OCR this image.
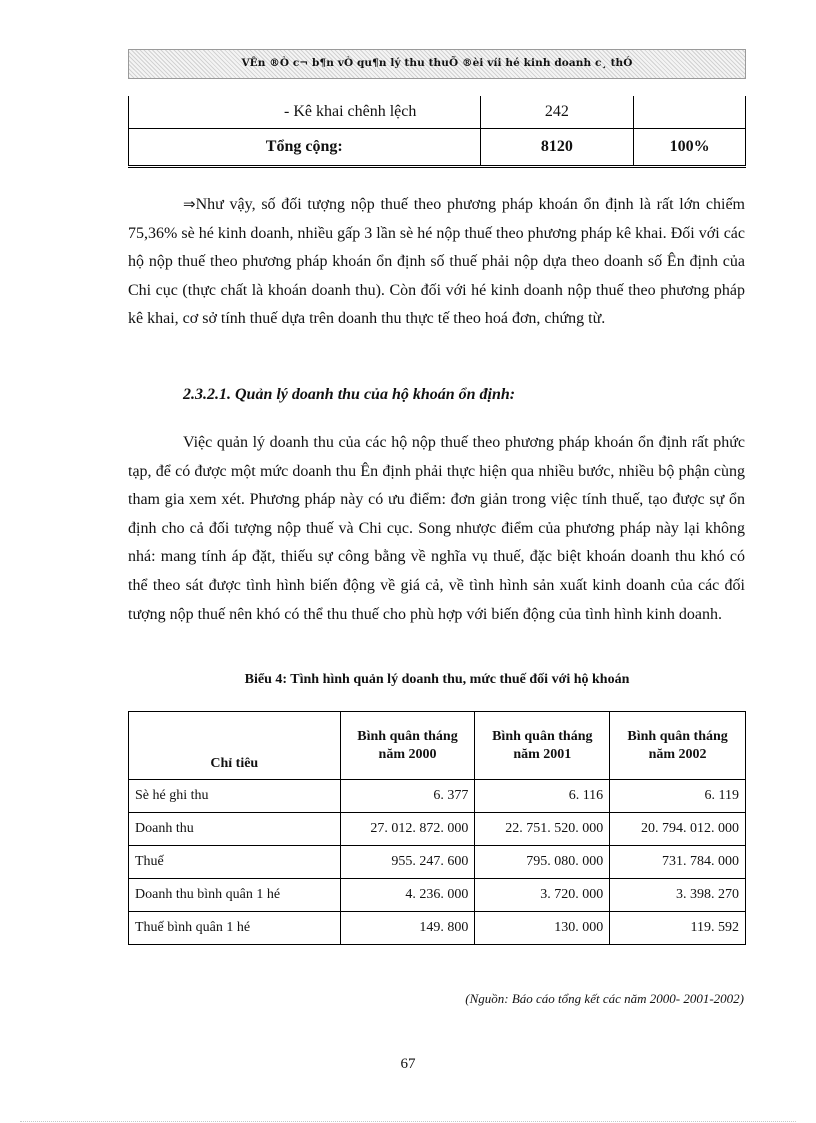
VÊn ®Ò c¬ b¶n vÒ qu¶n lý thu thuÕ ®èi víi hé kinh doanh c¸ thÓ
- Kê khai chênh lệch	242	
Tổng cộng:	8120	100%

⇒Như vậy, số đối tượng nộp thuế theo phương pháp khoán ổn định là rất lớn chiếm 75,36% sè hé kinh doanh, nhiều gấp 3 lần sè hé nộp thuế theo phương pháp kê khai. Đối với các hộ nộp thuế theo phương pháp khoán ổn định số thuế phải nộp dựa theo doanh số Ên định của Chi cục (thực chất là khoán doanh thu). Còn đối với hé kinh doanh nộp thuế theo phương pháp kê khai, cơ sở tính thuế dựa trên doanh thu thực tế theo hoá đơn, chứng từ.

2.3.2.1. Quản lý doanh thu của hộ khoán ổn định:

Việc quản lý doanh thu của các hộ nộp thuế theo phương pháp khoán ổn định rất phức tạp, để có được một mức doanh thu Ên định phải thực hiện qua nhiều bước, nhiều bộ phận cùng tham gia xem xét. Phương pháp này có ưu điểm: đơn giản trong việc tính thuế, tạo được sự ổn định cho cả đối tượng nộp thuế và Chi cục. Song nhược điểm của phương pháp này lại không nhá: mang tính áp đặt, thiếu sự công bằng về nghĩa vụ thuế, đặc biệt khoán doanh thu khó có thể theo sát được tình hình biến động về giá cả, về tình hình sản xuất kinh doanh của các đối tượng nộp thuế nên khó có thể thu thuế cho phù hợp với biến động của tình hình kinh doanh.

Biểu 4: Tình hình quản lý doanh thu, mức thuế đối với hộ khoán
Chỉ tiêu	Bình quân tháng năm 2000	Bình quân tháng năm 2001	Bình quân tháng năm 2002
Sè hé ghi thu	6. 377	6. 116	6. 119
Doanh thu	27. 012. 872. 000	22. 751. 520. 000	20. 794. 012. 000
Thuế	955. 247. 600	795. 080. 000	731. 784. 000
Doanh thu bình quân 1 hé	4. 236. 000	3. 720. 000	3. 398. 270
Thuế bình quân 1 hé	149. 800	130. 000	119. 592
(Nguồn: Báo cáo tổng kết các năm 2000- 2001-2002)
67
